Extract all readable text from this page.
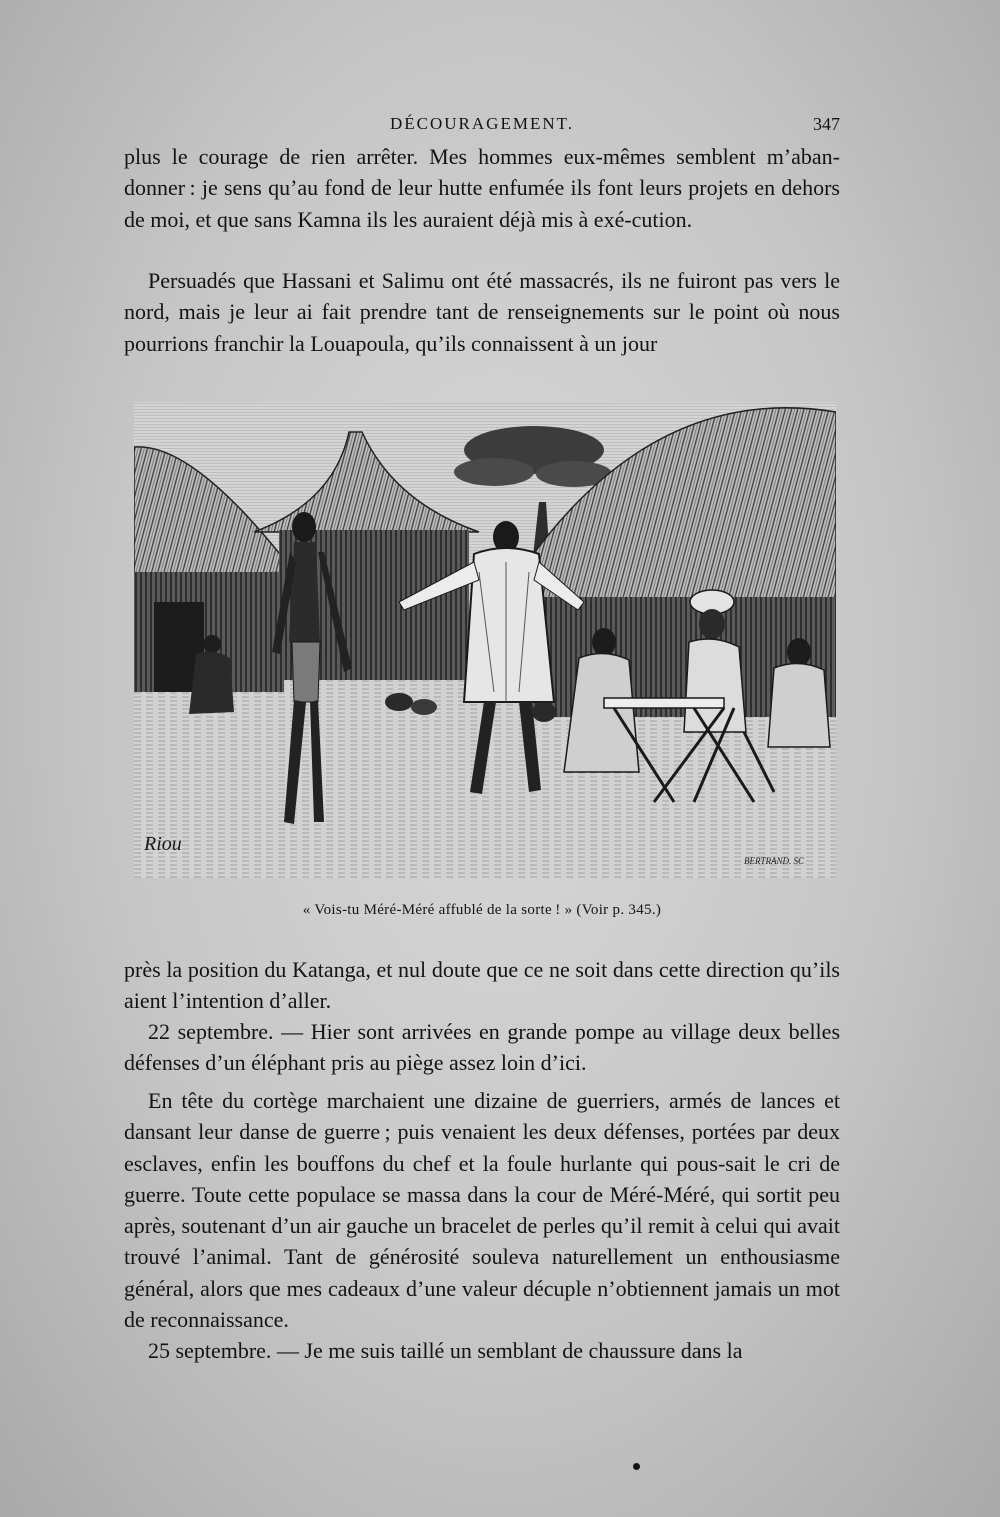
DÉCOURAGEMENT.	347

plus le courage de rien arrêter. Mes hommes eux-mêmes semblent m’aban-donner : je sens qu’au fond de leur hutte enfumée ils font leurs projets en dehors de moi, et que sans Kamna ils les auraient déjà mis à exé-cution.

Persuadés que Hassani et Salimu ont été massacrés, ils ne fuiront pas vers le nord, mais je leur ai fait prendre tant de renseignements sur le point où nous pourrions franchir la Louapoula, qu’ils connaissent à un jour

Riou
BERTRAND. SC
« Vois-tu Méré-Méré affublé de la sorte ! » (Voir p. 345.)

près la position du Katanga, et nul doute que ce ne soit dans cette direction qu’ils aient l’intention d’aller.

22 septembre. — Hier sont arrivées en grande pompe au village deux belles défenses d’un éléphant pris au piège assez loin d’ici.

En tête du cortège marchaient une dizaine de guerriers, armés de lances et dansant leur danse de guerre ; puis venaient les deux défenses, portées par deux esclaves, enfin les bouffons du chef et la foule hurlante qui pous-sait le cri de guerre. Toute cette populace se massa dans la cour de Méré-Méré, qui sortit peu après, soutenant d’un air gauche un bracelet de perles qu’il remit à celui qui avait trouvé l’animal. Tant de générosité souleva naturellement un enthousiasme général, alors que mes cadeaux d’une valeur décuple n’obtiennent jamais un mot de reconnaissance.

25 septembre. — Je me suis taillé un semblant de chaussure dans la
